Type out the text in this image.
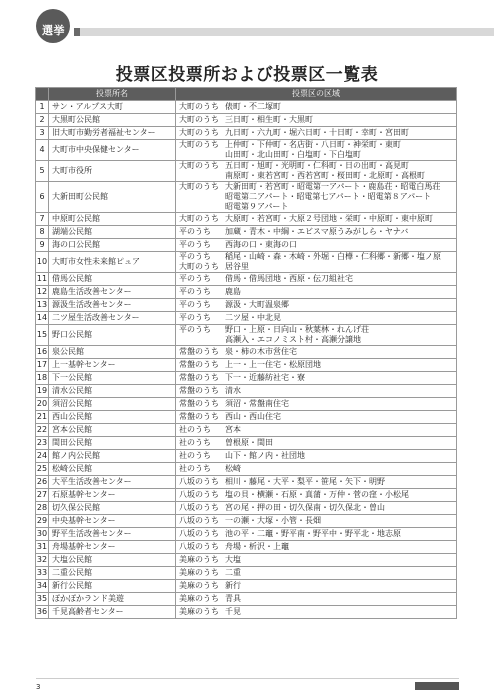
選挙
投票区投票所および投票区一覧表
	投票所名	投票区の区域
1	サン・アルプス大町	大町のうち 俵町・不二塚町

2	大黒町公民館	大町のうち 三日町・相生町・大黒町

3	旧大町市勤労者福祉センター	大町のうち 九日町・六九町・堀六日町・十日町・幸町・宮田町

4	大町市中央保健センター	大町のうち 上仲町・下仲町・名店街・八日町・神栄町・東町
山田町・北山田町・白塩町・下白塩町

5	大町市役所	大町のうち 五日町・旭町・光明町・仁科町・日の出町・高見町
南原町・東若宮町・西若宮町・桜田町・北原町・高根町

6	大新田町公民館	大町のうち 大新田町・若宮町・昭電第一アパート・鹿島荘・昭電白馬荘
昭電第二アパート・昭電第七アパート・昭電第８アパート
昭電第９アパート

7	中原町公民館	大町のうち 大原町・若宮町・大原２号団地・栄町・中原町・東中原町

8	湖端公民館	平のうち 加蔵・青木・中綱・エビスマ原うみがしら・ヤナバ

9	海の口公民館	平のうち 西海の口・東海の口

10	大町市女性未来館ピュア	平のうち 稲尾・山崎・森・木崎・外堀・白樺・仁科郷・新郷・塩ノ原
大町のうち 居谷里

11	借馬公民館	平のうち 借馬・借馬団地・西原・伝刀組社宅

12	鹿島生活改善センター	平のうち 鹿島

13	源汲生活改善センター	平のうち 源汲・大町温泉郷

14	二ツ屋生活改善センター	平のうち 二ツ屋・中北見

15	野口公民館	平のうち 野口・上原・日向山・秋葉林・れんげ荘
高瀬入・エコノミスト村・高瀬分譲地

16	泉公民館	常盤のうち 泉・柿の木市営住宅

17	上一基幹センター	常盤のうち 上一・上一住宅・松原団地

18	下一公民館	常盤のうち 下一・近藤紡社宅・寮

19	清水公民館	常盤のうち 清水

20	須沼公民館	常盤のうち 須沼・常盤南住宅

21	西山公民館	常盤のうち 西山・西山住宅

22	宮本公民館	社のうち 宮本

23	閏田公民館	社のうち 曽根原・閏田

24	館ノ内公民館	社のうち 山下・館ノ内・社団地

25	松崎公民館	社のうち 松崎

26	大平生活改善センター	八坂のうち 相川・藤尾・大平・梨平・笹尾・矢下・明野

27	石原基幹センター	八坂のうち 塩の貝・横瀬・石原・真蒲・万仲・菅の窪・小松尾

28	切久保公民館	八坂のうち 宮の尾・押の田・切久保南・切久保北・曽山

29	中央基幹センター	八坂のうち 一の瀬・大塚・小管・長畑

30	野平生活改善センター	八坂のうち 池の平・二竈・野平南・野平中・野平北・地志原

31	舟場基幹センター	八坂のうち 舟場・析沢・上竈

32	大塩公民館	美麻のうち 大塩

33	二重公民館	美麻のうち 二重

34	新行公民館	美麻のうち 新行

35	ぽかぽかランド美遊	美麻のうち 青具

36	千見高齢者センター	美麻のうち 千見
3
